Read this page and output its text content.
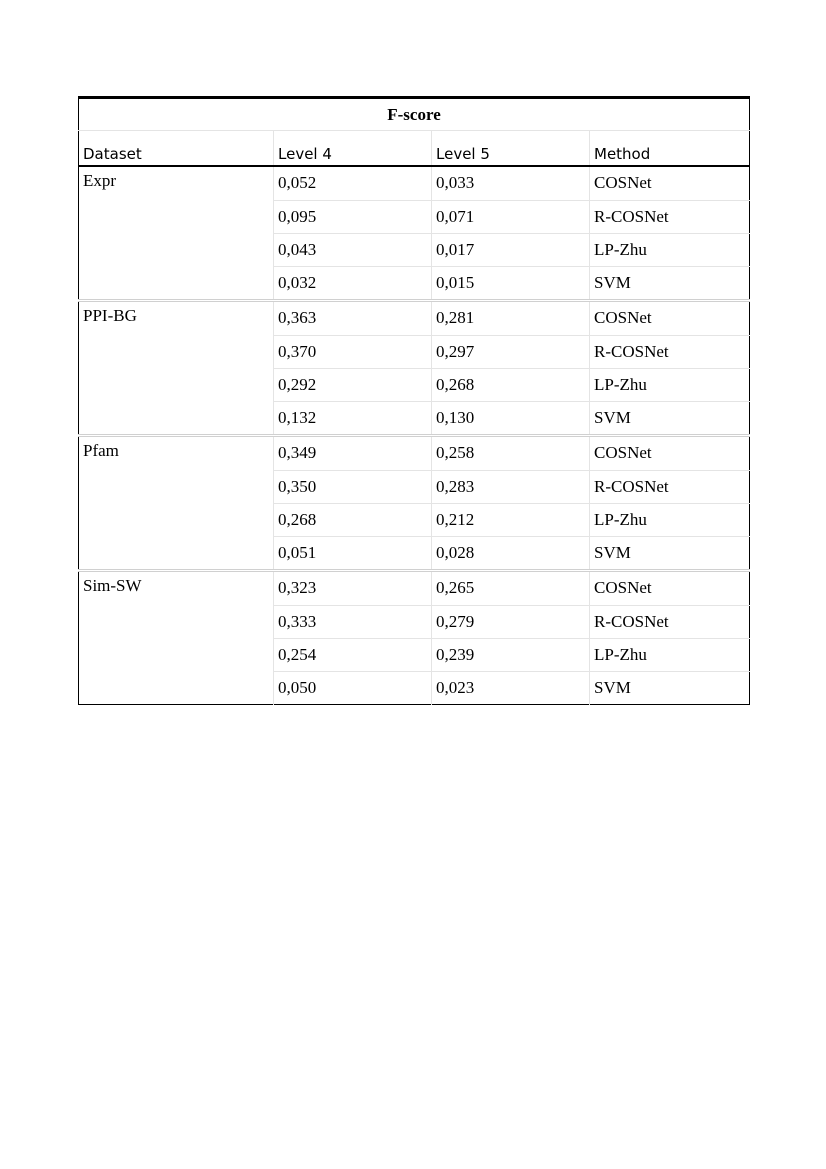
F-score			
Dataset	Level 4	Level 5	Method
Expr	0,052	0,033	COSNet
	0,095	0,071	R-COSNet
	0,043	0,017	LP-Zhu
	0,032	0,015	SVM
PPI-BG	0,363	0,281	COSNet
	0,370	0,297	R-COSNet
	0,292	0,268	LP-Zhu
	0,132	0,130	SVM
Pfam	0,349	0,258	COSNet
	0,350	0,283	R-COSNet
	0,268	0,212	LP-Zhu
	0,051	0,028	SVM
Sim-SW	0,323	0,265	COSNet
	0,333	0,279	R-COSNet
	0,254	0,239	LP-Zhu
	0,050	0,023	SVM
